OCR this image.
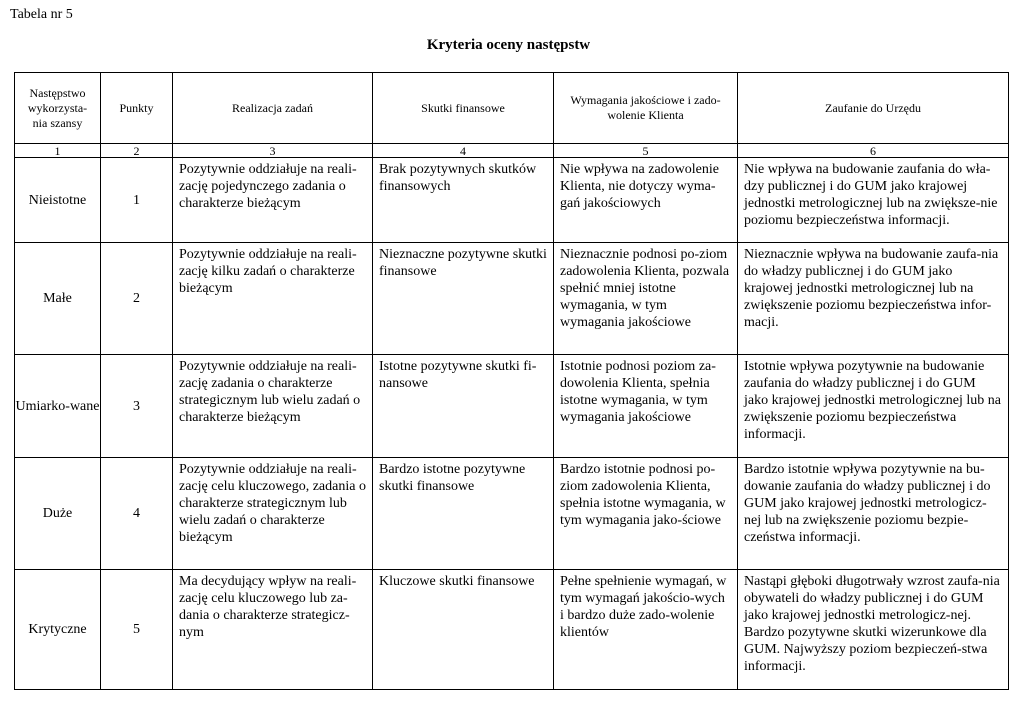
Tabela nr 5
Kryteria oceny następstw
Następstwo wykorzysta-nia szansy	Punkty	Realizacja zadań	Skutki finansowe	Wymagania jakościowe i zado-wolenie Klienta	Zaufanie do Urzędu
1	2	3	4	5	6
Nieistotne	1	Pozytywnie oddziałuje na reali-zację pojedynczego zadania o charakterze bieżącym	Brak pozytywnych skutków finansowych	Nie wpływa na zadowolenie Klienta, nie dotyczy wyma-gań jakościowych	Nie wpływa na budowanie zaufania do wła-dzy publicznej i do GUM jako krajowej jednostki metrologicznej lub na zwiększe-nie poziomu bezpieczeństwa informacji.
Małe	2	Pozytywnie oddziałuje na reali-zację kilku zadań o charakterze bieżącym	Nieznaczne pozytywne skutki finansowe	Nieznacznie podnosi po-ziom zadowolenia Klienta, pozwala spełnić mniej istotne wymagania, w tym wymagania jakościowe	Nieznacznie wpływa na budowanie zaufa-nia do władzy publicznej i do GUM jako krajowej jednostki metrologicznej lub na zwiększenie poziomu bezpieczeństwa infor-macji.
Umiarko-wane	3	Pozytywnie oddziałuje na reali-zację zadania o charakterze strategicznym lub wielu zadań o charakterze bieżącym	Istotne pozytywne skutki fi-nansowe	Istotnie podnosi poziom za-dowolenia Klienta, spełnia istotne wymagania, w tym wymagania jakościowe	Istotnie wpływa pozytywnie na budowanie zaufania do władzy publicznej i do GUM jako krajowej jednostki metrologicznej lub na zwiększenie poziomu bezpieczeństwa informacji.
Duże	4	Pozytywnie oddziałuje na reali-zację celu kluczowego, zadania o charakterze strategicznym lub wielu zadań o charakterze bieżącym	Bardzo istotne pozytywne skutki finansowe	Bardzo istotnie podnosi po-ziom zadowolenia Klienta, spełnia istotne wymagania, w tym wymagania jako-ściowe	Bardzo istotnie wpływa pozytywnie na bu-dowanie zaufania do władzy publicznej i do GUM jako krajowej jednostki metrologicz-nej lub na zwiększenie poziomu bezpie-czeństwa informacji.
Krytyczne	5	Ma decydujący wpływ na reali-zację celu kluczowego lub za-dania o charakterze strategicz-nym	Kluczowe skutki finansowe	Pełne spełnienie wymagań, w tym wymagań jakościo-wych i bardzo duże zado-wolenie klientów	Nastąpi głęboki długotrwały wzrost zaufa-nia obywateli do władzy publicznej i do GUM jako krajowej jednostki metrologicz-nej. Bardzo pozytywne skutki wizerunkowe dla GUM. Najwyższy poziom bezpieczeń-stwa informacji.
